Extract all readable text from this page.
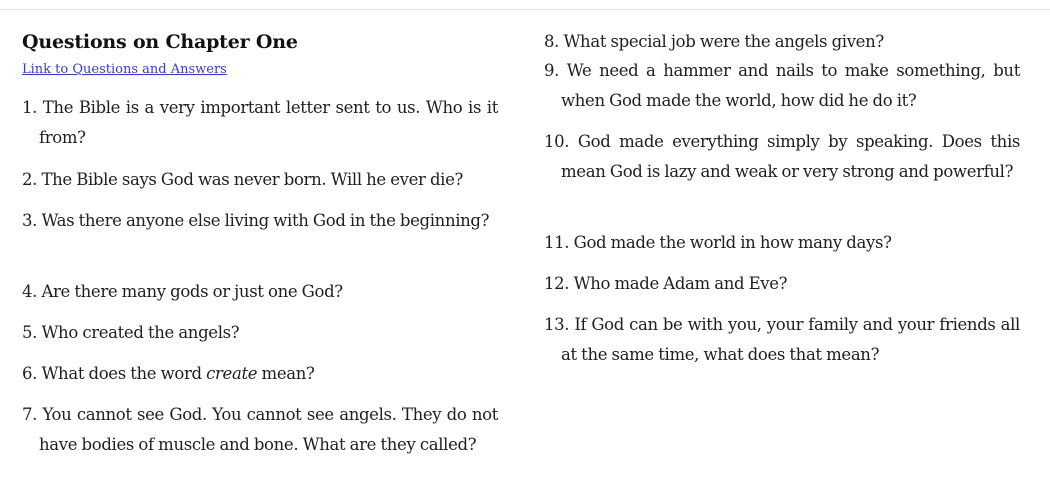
Questions on Chapter One
Link to Questions and Answers

1. The Bible is a very important letter sent to us. Who is it from?

2. The Bible says God was never born. Will he ever die?

3. Was there anyone else living with God in the beginning?

4. Are there many gods or just one God?

5. Who created the angels?

6. What does the word create mean?

7. You cannot see God. You cannot see angels. They do not have bodies of muscle and bone. What are they called?

8. What special job were the angels given?

9. We need a hammer and nails to make something, but when God made the world, how did he do it?

10. God made everything simply by speaking. Does this mean God is lazy and weak or very strong and powerful?

11. God made the world in how many days?

12. Who made Adam and Eve?

13. If God can be with you, your family and your friends all at the same time, what does that mean?
